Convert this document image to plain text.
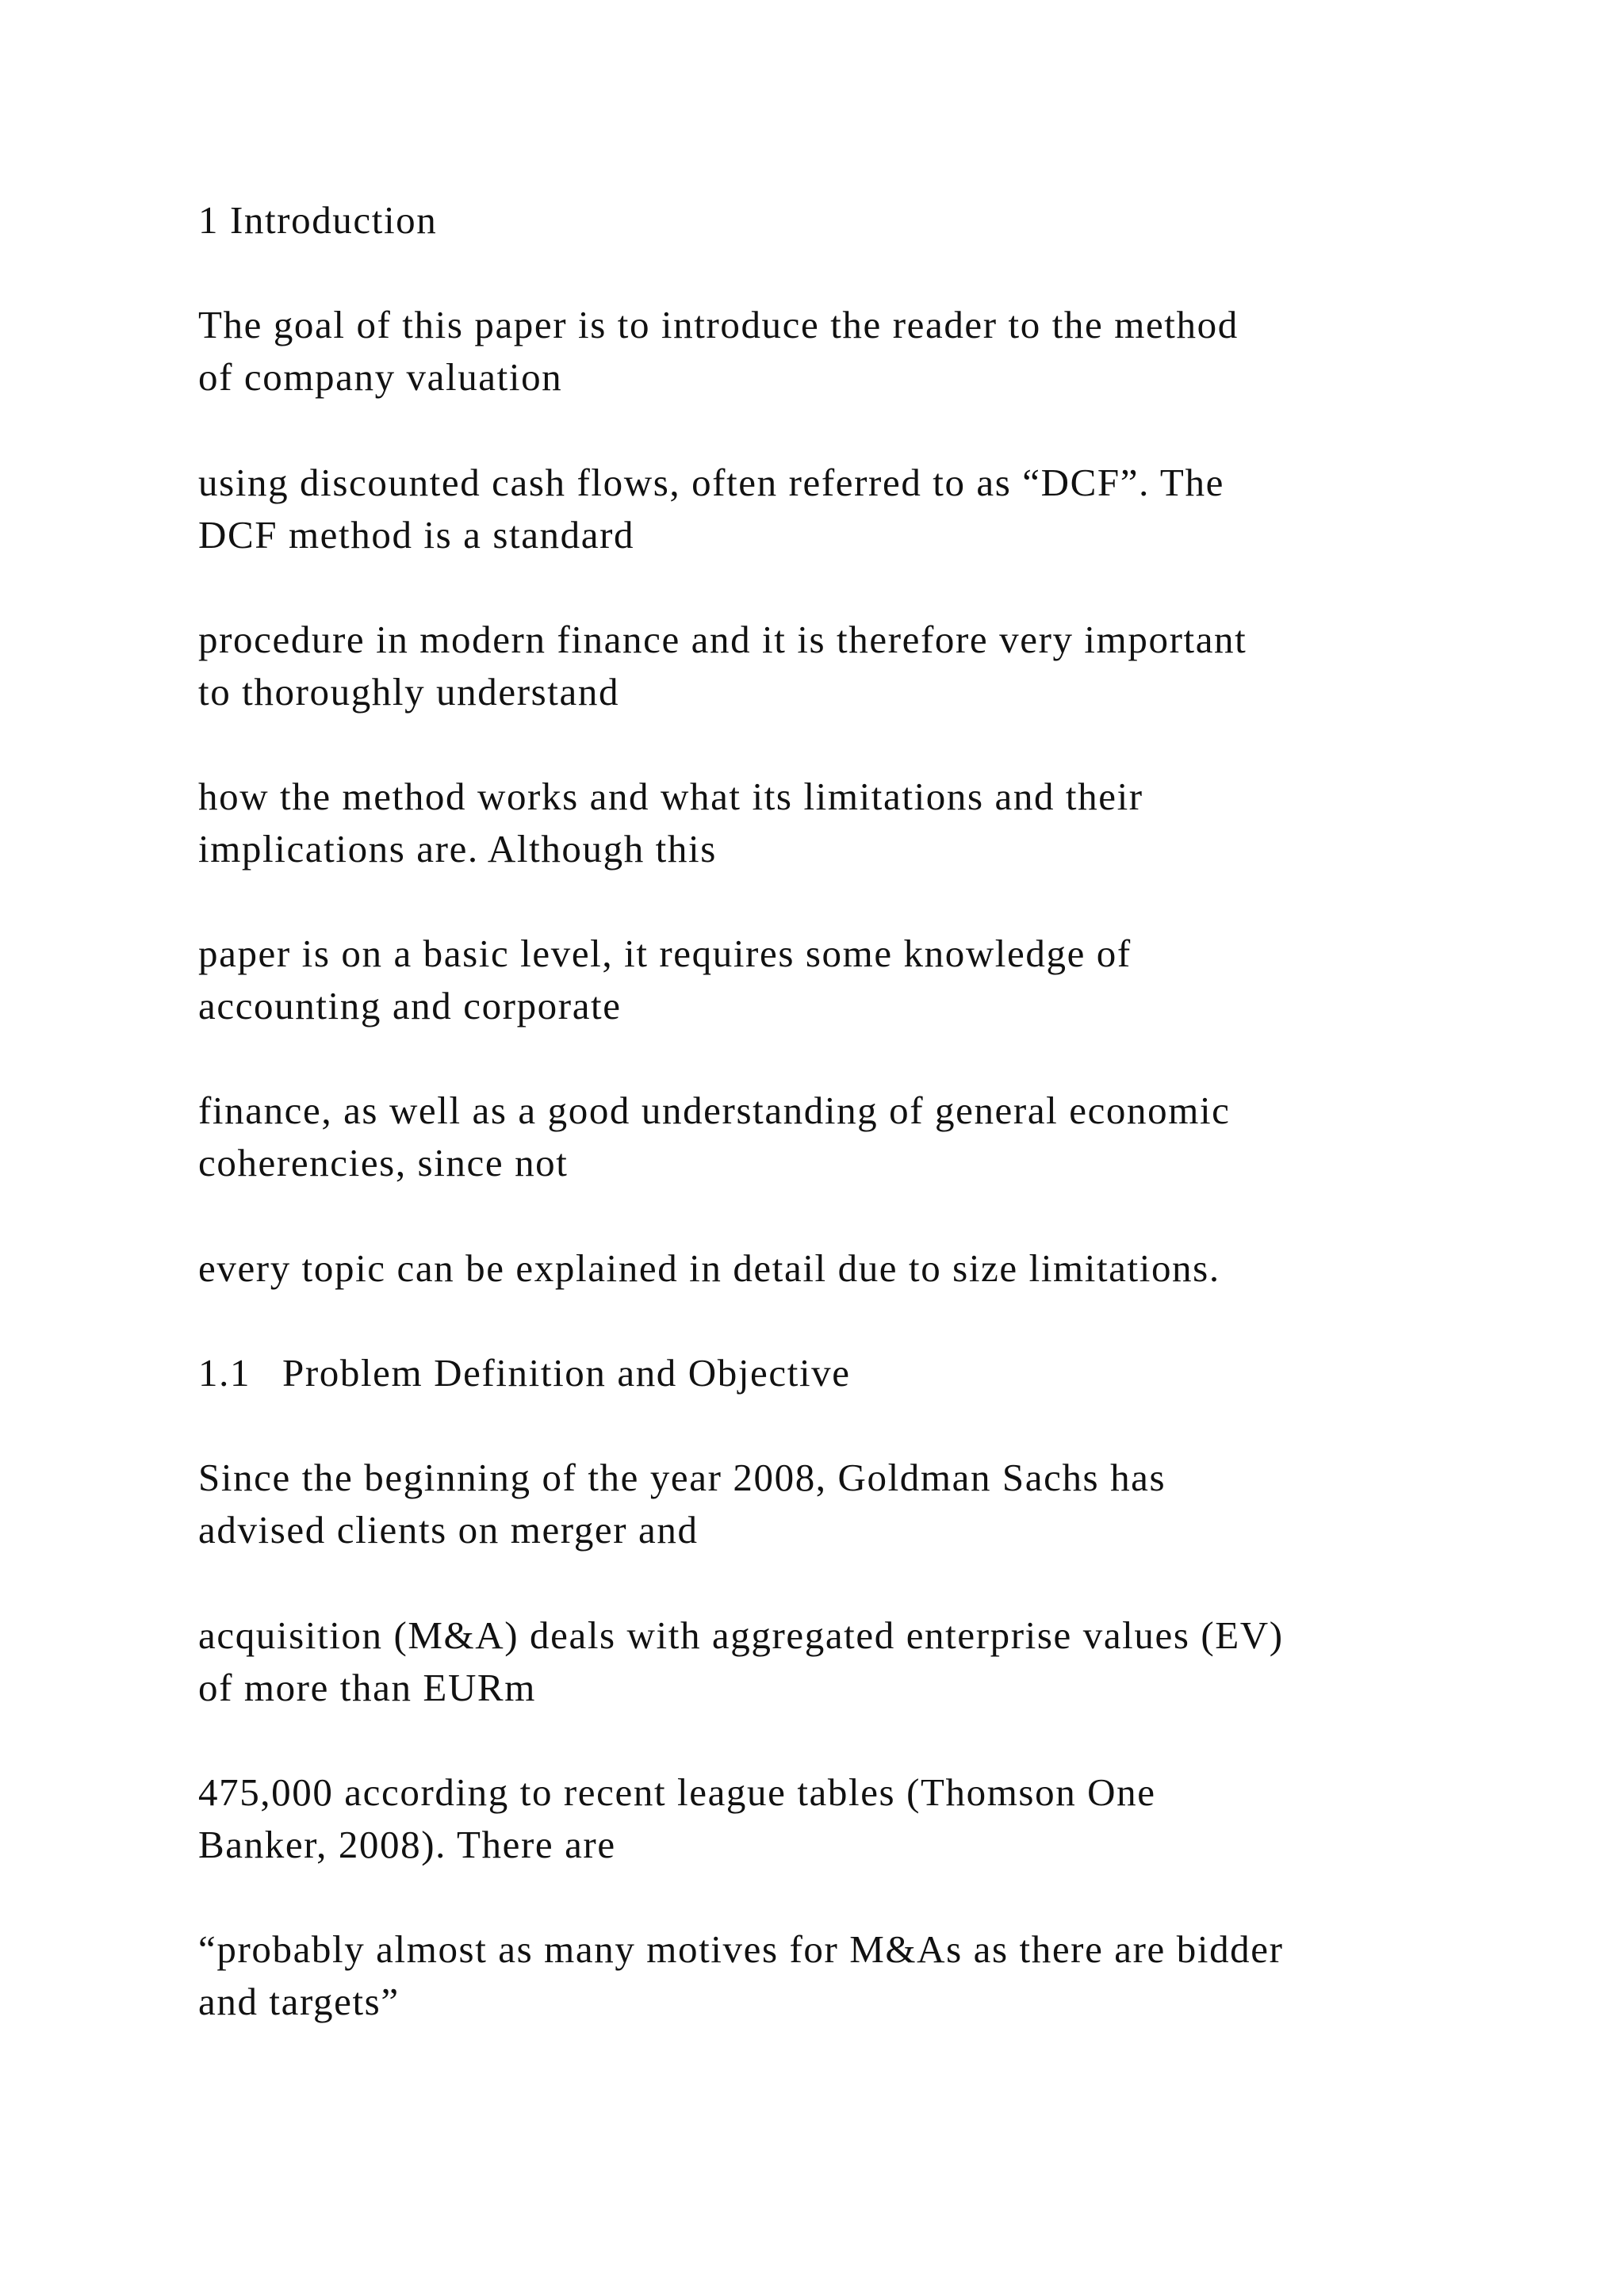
1 Introduction

The goal of this paper is to introduce the reader to the method
of company valuation

using discounted cash flows, often referred to as “DCF”. The
DCF method is a standard

procedure in modern finance and it is therefore very important
to thoroughly understand

how the method works and what its limitations and their
implications are. Although this

paper is on a basic level, it requires some knowledge of
accounting and corporate

finance, as well as a good understanding of general economic
coherencies, since not

every topic can be explained in detail due to size limitations.

1.1 Problem Definition and Objective

Since the beginning of the year 2008, Goldman Sachs has
advised clients on merger and

acquisition (M&A) deals with aggregated enterprise values (EV)
of more than EURm

475,000 according to recent league tables (Thomson One
Banker, 2008). There are

“probably almost as many motives for M&As as there are bidder
and targets”
